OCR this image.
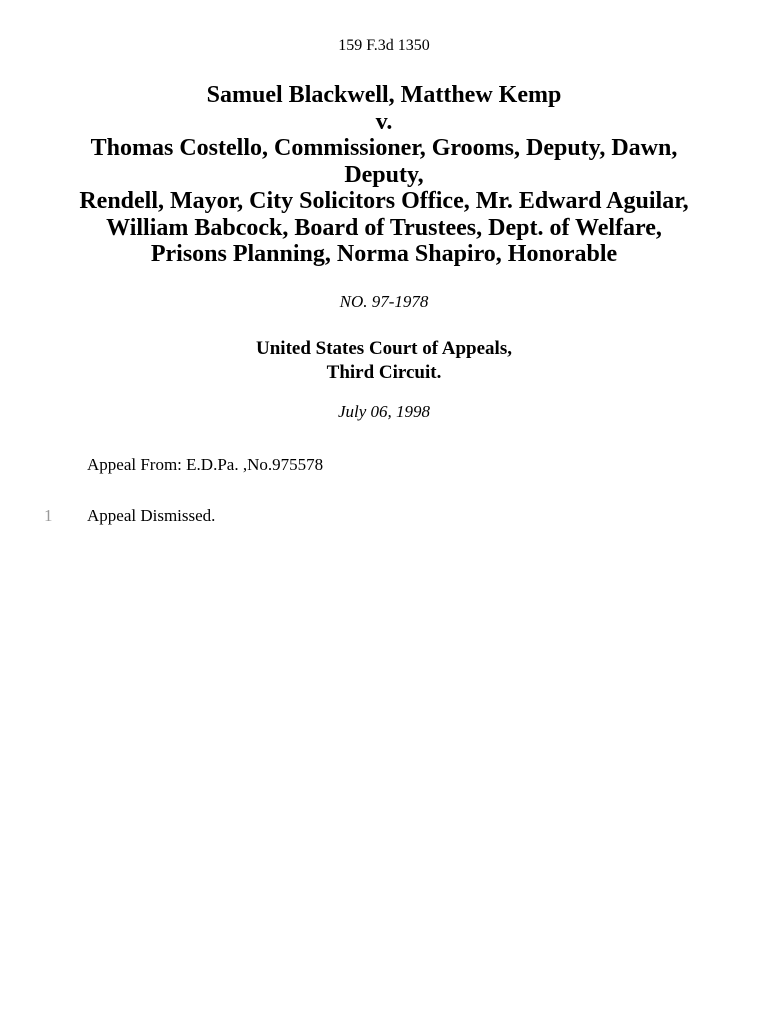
159 F.3d 1350
Samuel Blackwell, Matthew Kemp
v.
Thomas Costello, Commissioner, Grooms, Deputy, Dawn,
Deputy,
Rendell, Mayor, City Solicitors Office, Mr. Edward Aguilar,
William Babcock, Board of Trustees, Dept. of Welfare,
Prisons Planning, Norma Shapiro, Honorable
NO. 97-1978
United States Court of Appeals,
Third Circuit.
July 06, 1998
Appeal From: E.D.Pa. ,No.975578
1 Appeal Dismissed.
